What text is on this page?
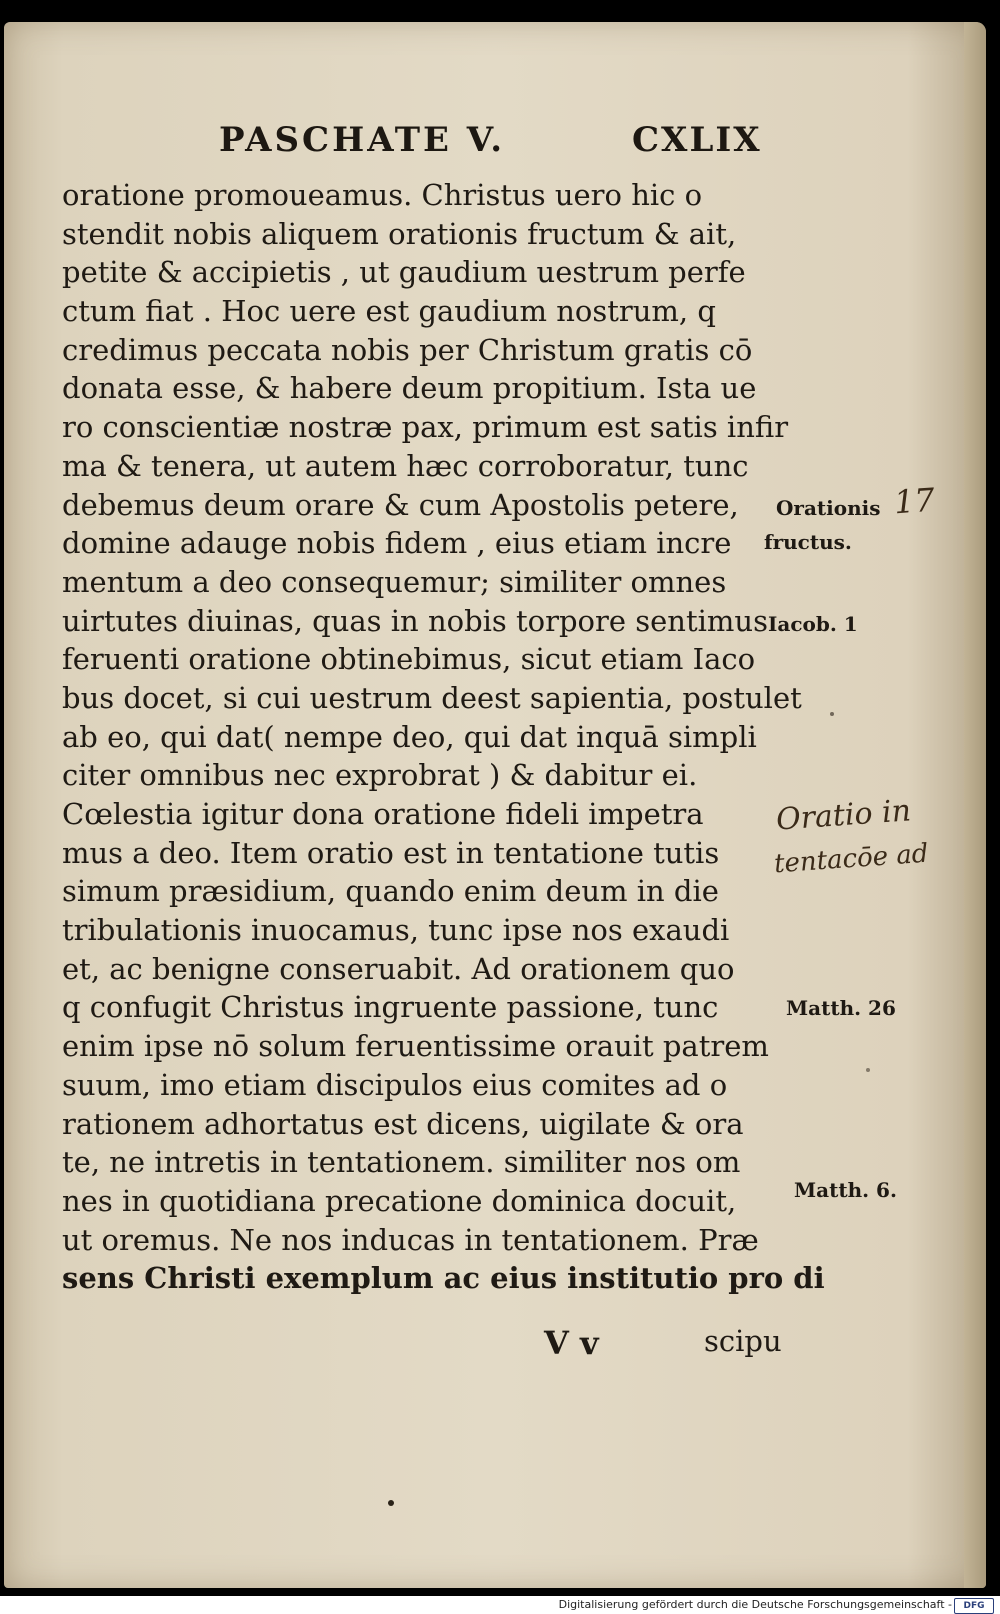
PASCHATE V.	CXLIX
oratione promoueamus. Christus uero hic o
stendit nobis aliquem orationis fructum & ait,
petite & accipietis , ut gaudium uestrum perfe
ctum fiat . Hoc uere est gaudium nostrum, q
credimus peccata nobis per Christum gratis cō
donata esse, & habere deum propitium. Ista ue
ro conscientiæ nostræ pax, primum est satis infir
ma & tenera, ut autem hæc corroboratur, tunc
debemus deum orare & cum Apostolis petere,
domine adauge nobis fidem , eius etiam incre
mentum a deo consequemur; similiter omnes
uirtutes diuinas, quas in nobis torpore sentimus
feruenti oratione obtinebimus, sicut etiam Iaco
bus docet, si cui uestrum deest sapientia, postulet
ab eo, qui dat( nempe deo, qui dat inquā simpli
citer omnibus nec exprobrat ) & dabitur ei.
Cœlestia igitur dona oratione fideli impetra
mus a deo. Item oratio est in tentatione tutis
simum præsidium, quando enim deum in die
tribulationis inuocamus, tunc ipse nos exaudi
et, ac benigne conseruabit. Ad orationem quo
q confugit Christus ingruente passione, tunc
enim ipse nō solum feruentissime orauit patrem
suum, imo etiam discipulos eius comites ad o
rationem adhortatus est dicens, uigilate & ora
te, ne intretis in tentationem. similiter nos om
nes in quotidiana precatione dominica docuit,
ut oremus. Ne nos inducas in tentationem. Præ
sens Christi exemplum ac eius institutio pro di
V v	scipu
Orationis
fructus.
Iacob. 1
Matth. 26
Matth. 6.
17
Oratio in
tentacōe ad
Digitalisierung gefördert durch die Deutsche Forschungsgemeinschaft -	DFG
